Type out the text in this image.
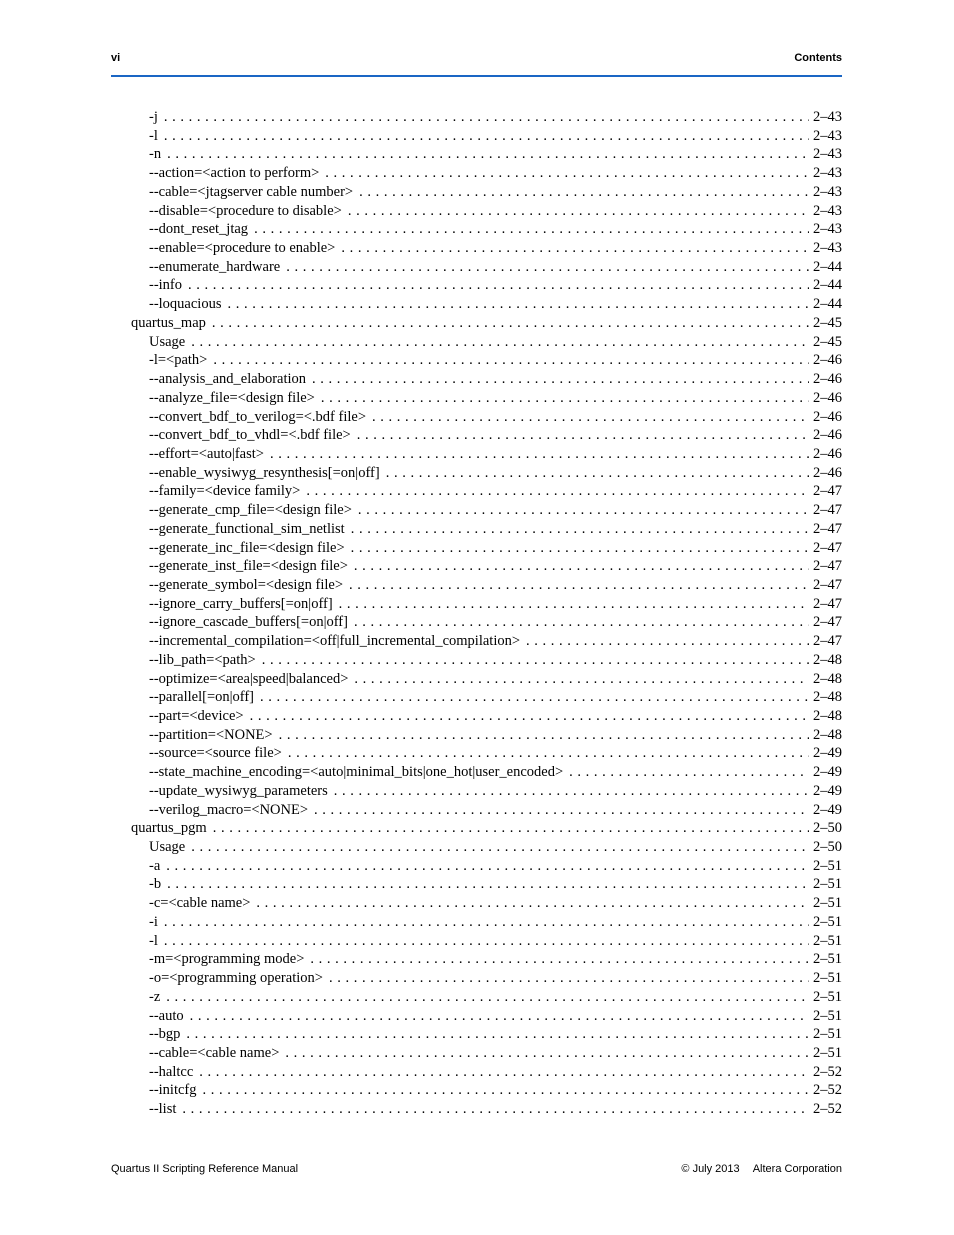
vi	Contents
-j . . .	2–43
-l . . .	2–43
-n . . .	2–43
--action=<action to perform> . . .	2–43
--cable=<jtagserver cable number> . . .	2–43
--disable=<procedure to disable> . . .	2–43
--dont_reset_jtag . . .	2–43
--enable=<procedure to enable> . . .	2–43
--enumerate_hardware . . .	2–44
--info . . .	2–44
--loquacious . . .	2–44
quartus_map . . .	2–45
Usage . . .	2–45
-l=<path> . . .	2–46
--analysis_and_elaboration . . .	2–46
--analyze_file=<design file> . . .	2–46
--convert_bdf_to_verilog=<.bdf file> . . .	2–46
--convert_bdf_to_vhdl=<.bdf file> . . .	2–46
--effort=<auto|fast> . . .	2–46
--enable_wysiwyg_resynthesis[=on|off] . . .	2–46
--family=<device family> . . .	2–47
--generate_cmp_file=<design file> . . .	2–47
--generate_functional_sim_netlist . . .	2–47
--generate_inc_file=<design file> . . .	2–47
--generate_inst_file=<design file> . . .	2–47
--generate_symbol=<design file> . . .	2–47
--ignore_carry_buffers[=on|off] . . .	2–47
--ignore_cascade_buffers[=on|off] . . .	2–47
--incremental_compilation=<off|full_incremental_compilation> . . .	2–47
--lib_path=<path> . . .	2–48
--optimize=<area|speed|balanced> . . .	2–48
--parallel[=on|off] . . .	2–48
--part=<device> . . .	2–48
--partition=<NONE> . . .	2–48
--source=<source file> . . .	2–49
--state_machine_encoding=<auto|minimal_bits|one_hot|user_encoded> . . .	2–49
--update_wysiwyg_parameters . . .	2–49
--verilog_macro=<NONE> . . .	2–49
quartus_pgm . . .	2–50
Usage . . .	2–50
-a . . .	2–51
-b . . .	2–51
-c=<cable name> . . .	2–51
-i . . .	2–51
-l . . .	2–51
-m=<programming mode> . . .	2–51
-o=<programming operation> . . .	2–51
-z . . .	2–51
--auto . . .	2–51
--bgp . . .	2–51
--cable=<cable name> . . .	2–51
--haltcc . . .	2–52
--initcfg . . .	2–52
--list . . .	2–52
Quartus II Scripting Reference Manual	© July 2013 Altera Corporation
